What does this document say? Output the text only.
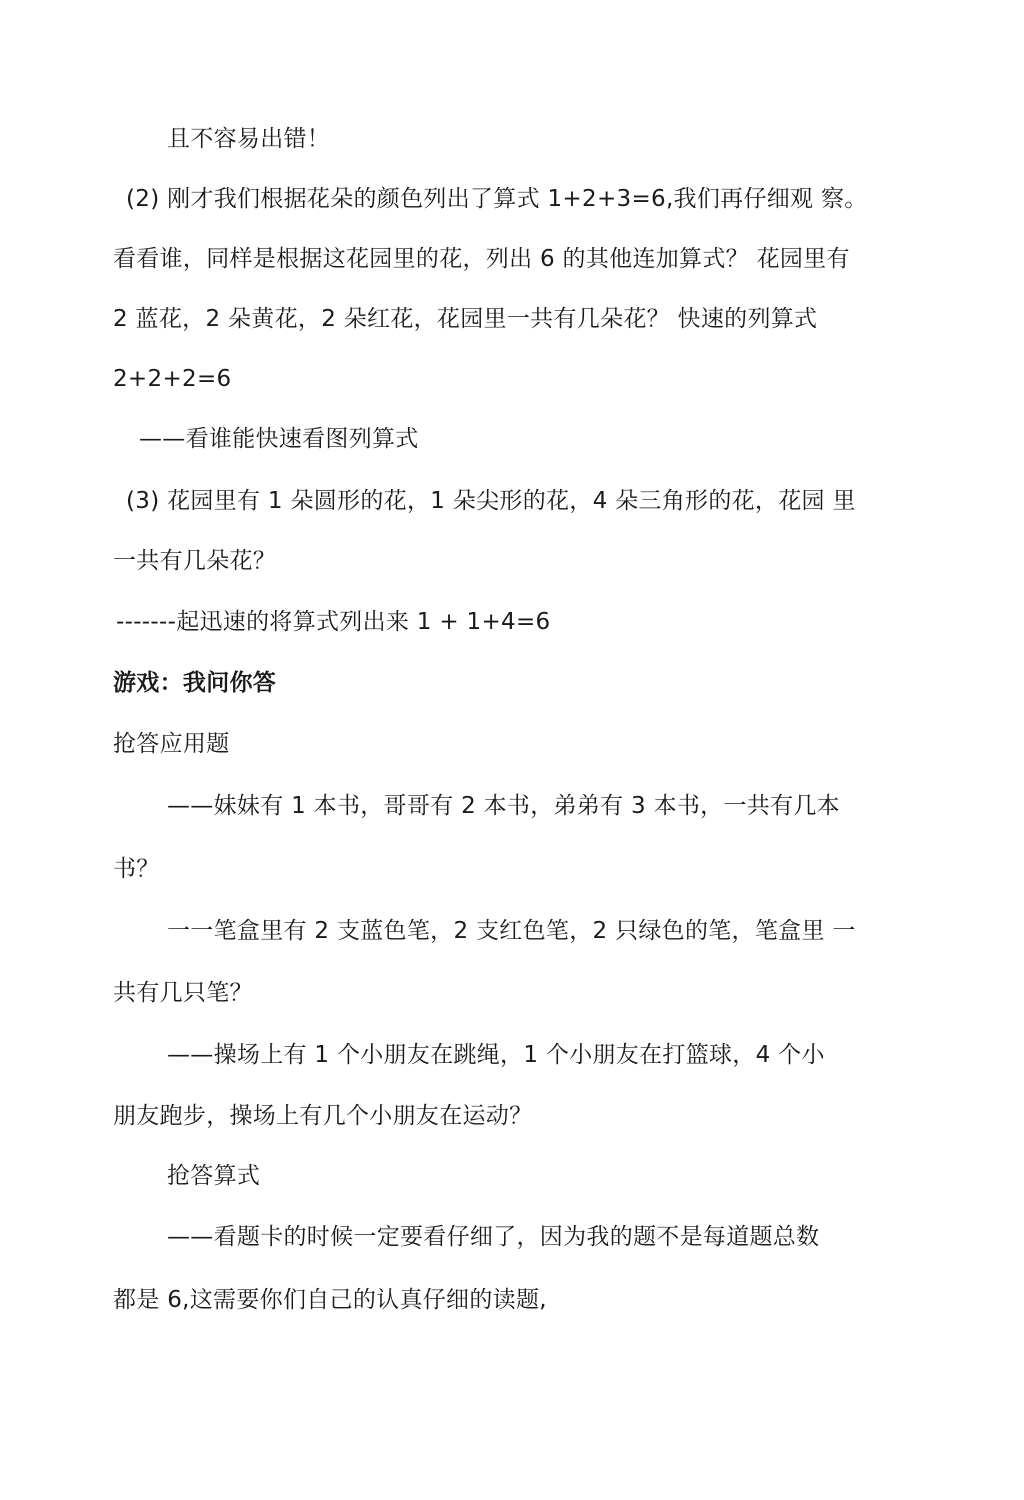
且不容易出错！
(2) 刚才我们根据花朵的颜色列出了算式 1+2+3=6,我们再仔细观 察。
看看谁，同样是根据这花园里的花，列出 6 的其他连加算式？ 花园里有
2 蓝花，2 朵黄花，2 朵红花，花园里一共有几朵花？ 快速的列算式
2+2+2=6
——看谁能快速看图列算式
(3) 花园里有 1 朵圆形的花，1 朵尖形的花，4 朵三角形的花，花园 里
一共有几朵花？
-------起迅速的将算式列出来 1 + 1+4=6
游戏：我问你答
抢答应用题
——妹妹有 1 本书，哥哥有 2 本书，弟弟有 3 本书，一共有几本
书？
一一笔盒里有 2 支蓝色笔，2 支红色笔，2 只绿色的笔，笔盒里 一
共有几只笔？
——操场上有 1 个小朋友在跳绳，1 个小朋友在打篮球，4 个小
朋友跑步，操场上有几个小朋友在运动？
抢答算式
——看题卡的时候一定要看仔细了，因为我的题不是每道题总数
都是 6,这需要你们自己的认真仔细的读题,
